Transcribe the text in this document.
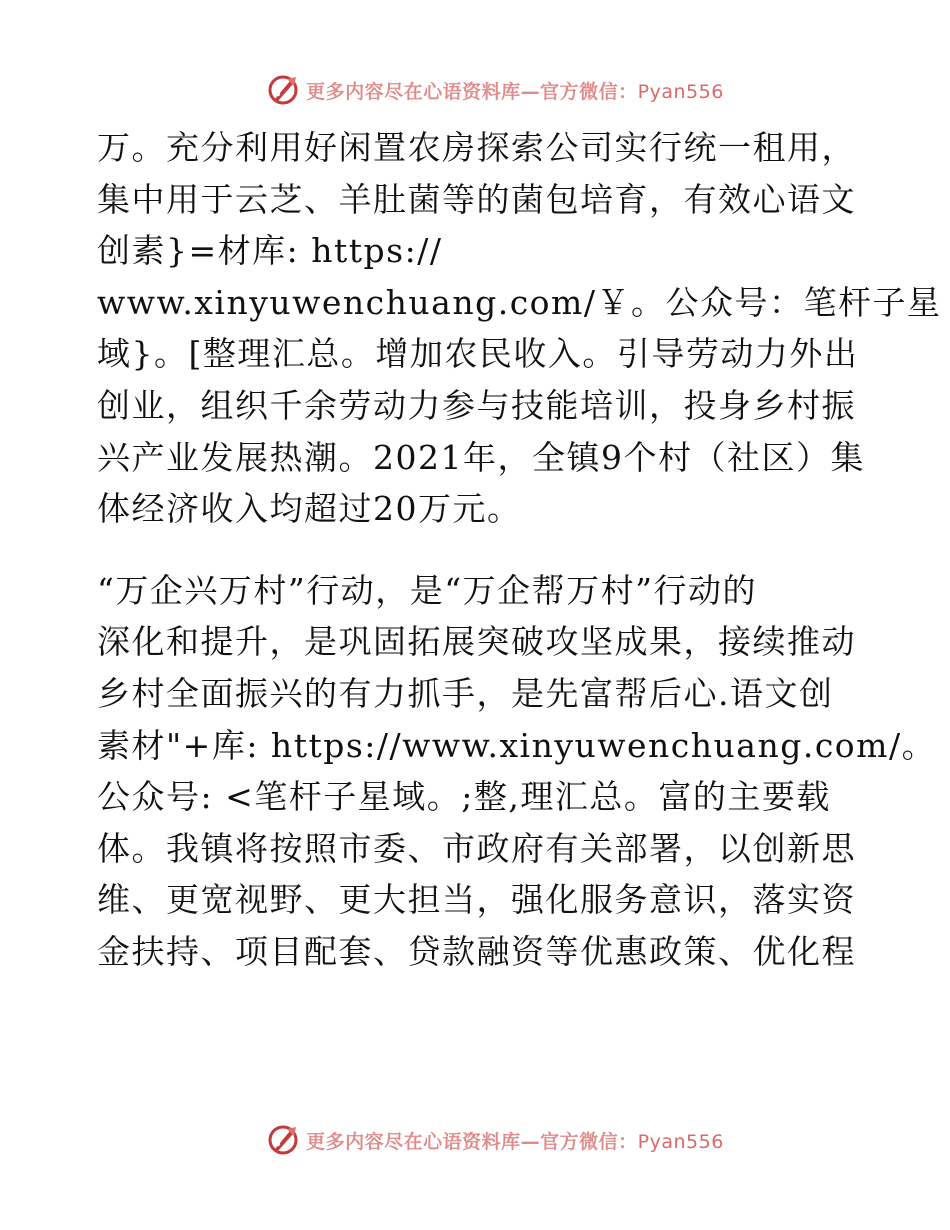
更多内容尽在心语资料库—官方微信：Pyan556
万。充分利用好闲置农房探索公司实行统一租用，
集中用于云芝、羊肚菌等的菌包培育，有效心语文
创素}=材库: https://
www.xinyuwenchuang.com/￥。公众号：笔杆子星
域}。[整理汇总。增加农民收入。引导劳动力外出
创业，组织千余劳动力参与技能培训，投身乡村振
兴产业发展热潮。2021年，全镇9个村（社区）集
体经济收入均超过20万元。
“万企兴万村”行动，是“万企帮万村”行动的
深化和提升，是巩固拓展突破攻坚成果，接续推动
乡村全面振兴的有力抓手，是先富帮后心.语文创
素材"+库: https://www.xinyuwenchuang.com/。
公众号: <笔杆子星域。;整,理汇总。富的主要载
体。我镇将按照市委、市政府有关部署，以创新思
维、更宽视野、更大担当，强化服务意识，落实资
金扶持、项目配套、贷款融资等优惠政策、优化程
更多内容尽在心语资料库—官方微信：Pyan556
